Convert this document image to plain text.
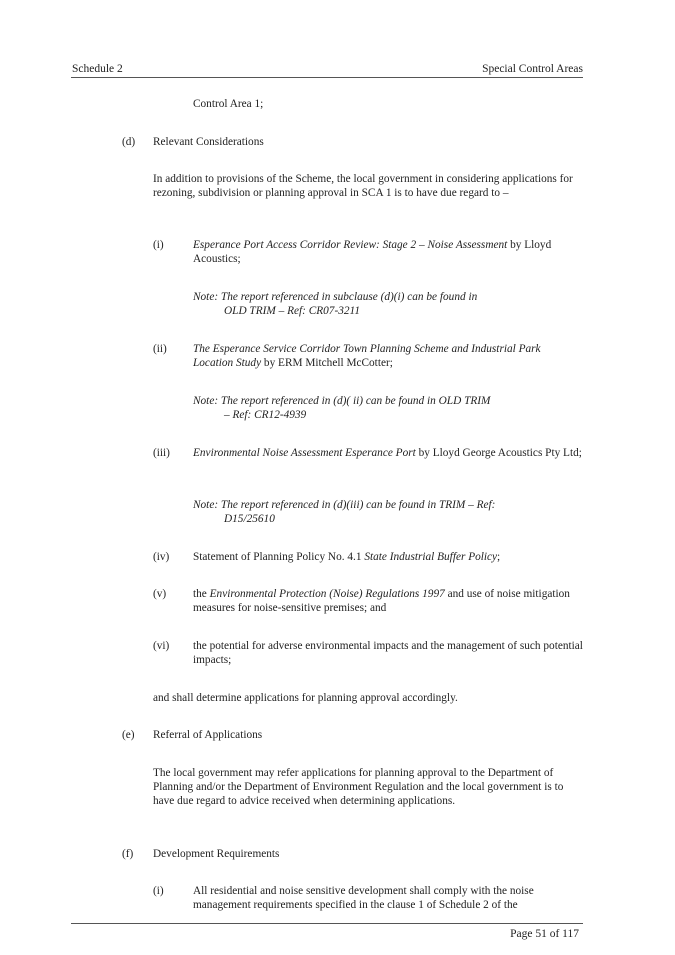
Schedule 2	Special Control Areas
Control Area 1;
(d) Relevant Considerations
In addition to provisions of the Scheme, the local government in considering applications for rezoning, subdivision or planning approval in SCA 1 is to have due regard to –
(i)	Esperance Port Access Corridor Review: Stage 2 – Noise Assessment by Lloyd Acoustics;
Note: The report referenced in subclause (d)(i) can be found in
OLD TRIM – Ref: CR07-3211
(ii) The Esperance Service Corridor Town Planning Scheme and Industrial Park Location Study by ERM Mitchell McCotter;
Note: The report referenced in (d)( ii) can be found in OLD TRIM
– Ref: CR12-4939
(iii) Environmental Noise Assessment Esperance Port by Lloyd George Acoustics Pty Ltd;
Note: The report referenced in (d)(iii) can be found in TRIM – Ref:
D15/25610
(iv) Statement of Planning Policy No. 4.1 State Industrial Buffer Policy;
(v) the Environmental Protection (Noise) Regulations 1997 and use of noise mitigation measures for noise-sensitive premises; and
(vi) the potential for adverse environmental impacts and the management of such potential impacts;
and shall determine applications for planning approval accordingly.
(e) Referral of Applications
The local government may refer applications for planning approval to the Department of Planning and/or the Department of Environment Regulation and the local government is to have due regard to advice received when determining applications.
(f) Development Requirements
(i)	All residential and noise sensitive development shall comply with the noise management requirements specified in the clause 1 of Schedule 2 of the
Page 51 of 117
